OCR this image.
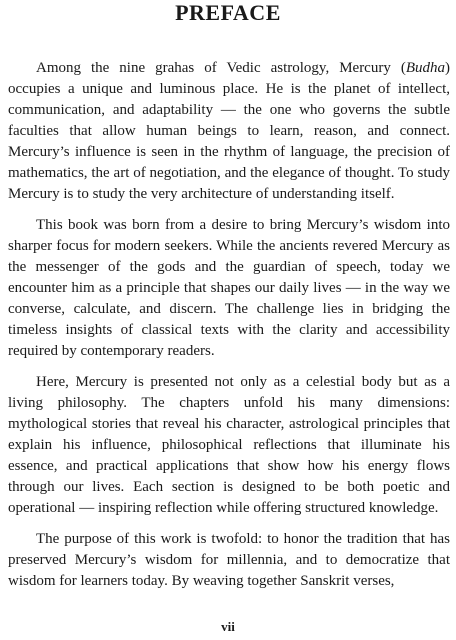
PREFACE

Among the nine grahas of Vedic astrology, Mercury (Budha) occupies a unique and luminous place. He is the planet of intellect, communication, and adaptability — the one who governs the subtle faculties that allow human beings to learn, reason, and connect. Mercury’s influence is seen in the rhythm of language, the precision of mathematics, the art of negotiation, and the elegance of thought. To study Mercury is to study the very architecture of understanding itself.

This book was born from a desire to bring Mercury’s wisdom into sharper focus for modern seekers. While the ancients revered Mercury as the messenger of the gods and the guardian of speech, today we encounter him as a principle that shapes our daily lives — in the way we converse, calculate, and discern. The challenge lies in bridging the timeless insights of classical texts with the clarity and accessibility required by contemporary readers.

Here, Mercury is presented not only as a celestial body but as a living philosophy. The chapters unfold his many dimensions: mythological stories that reveal his character, astrological principles that explain his influence, philosophical reflections that illuminate his essence, and practical applications that show how his energy flows through our lives. Each section is designed to be both poetic and operational — inspiring reflection while offering structured knowledge.

The purpose of this work is twofold: to honor the tradition that has preserved Mercury’s wisdom for millennia, and to democratize that wisdom for learners today. By weaving together Sanskrit verses,

vii
